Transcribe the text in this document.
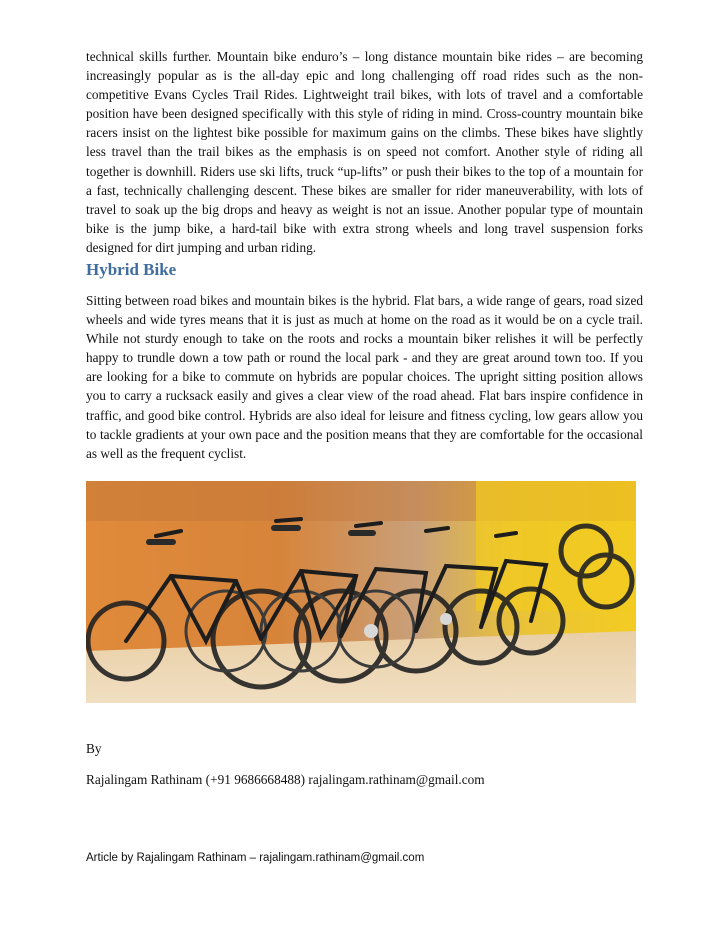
technical skills further. Mountain bike enduro’s – long distance mountain bike rides – are becoming increasingly popular as is the all-day epic and long challenging off road rides such as the non-competitive Evans Cycles Trail Rides. Lightweight trail bikes, with lots of travel and a comfortable position have been designed specifically with this style of riding in mind. Cross-country mountain bike racers insist on the lightest bike possible for maximum gains on the climbs. These bikes have slightly less travel than the trail bikes as the emphasis is on speed not comfort. Another style of riding all together is downhill. Riders use ski lifts, truck “up-lifts” or push their bikes to the top of a mountain for a fast, technically challenging descent. These bikes are smaller for rider maneuverability, with lots of travel to soak up the big drops and heavy as weight is not an issue. Another popular type of mountain bike is the jump bike, a hard-tail bike with extra strong wheels and long travel suspension forks designed for dirt jumping and urban riding.

Hybrid Bike

Sitting between road bikes and mountain bikes is the hybrid. Flat bars, a wide range of gears, road sized wheels and wide tyres means that it is just as much at home on the road as it would be on a cycle trail. While not sturdy enough to take on the roots and rocks a mountain biker relishes it will be perfectly happy to trundle down a tow path or round the local park - and they are great around town too. If you are looking for a bike to commute on hybrids are popular choices. The upright sitting position allows you to carry a rucksack easily and gives a clear view of the road ahead. Flat bars inspire confidence in traffic, and good bike control. Hybrids are also ideal for leisure and fitness cycling, low gears allow you to tackle gradients at your own pace and the position means that they are comfortable for the occasional as well as the frequent cyclist.

By

Rajalingam Rathinam (+91 9686668488) rajalingam.rathinam@gmail.com

Article by Rajalingam Rathinam – rajalingam.rathinam@gmail.com
